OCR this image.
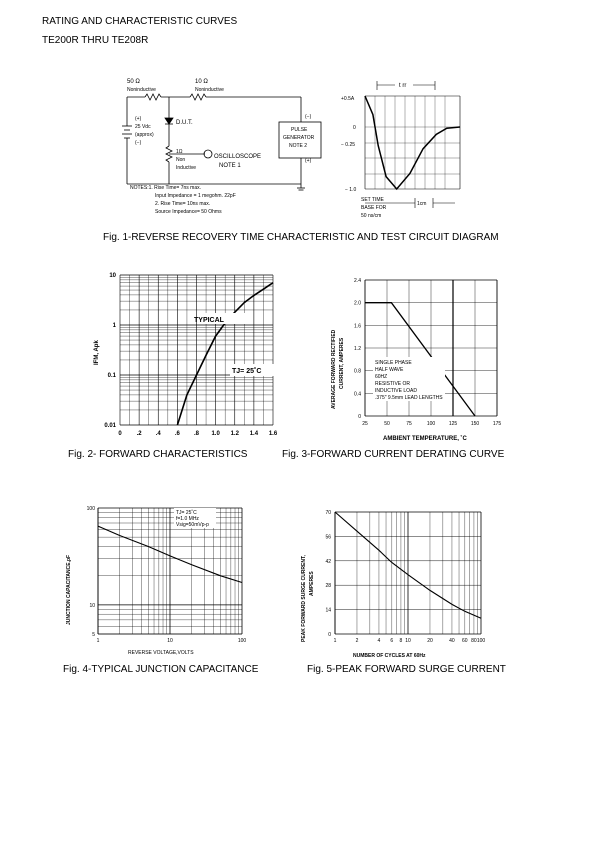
RATING AND CHARACTERISTIC CURVES
TE200R THRU TE208R
50 Ω
Noninductive
10 Ω
Noninductive
(+)
25 Vdc
(approx)
(−)
D.U.T.
1Ω
Non
Inductive
OSCILLOSCOPE
NOTE 1
(−)
PULSE
GENERATOR
NOTE 2
(+)
NOTES:1. Rise Time= 7ns max.
Input Impedance = 1 megohm. 22pF
2. Rise Time= 10ns max.
Source Impedance= 50 Ohms
t rr
+0.5A
0
− 0.25
− 1.0
SET TIME
BASE FOR
50 ns/cm
1cm
Fig. 1-REVERSE RECOVERY TIME CHARACTERISTIC AND TEST CIRCUIT DIAGRAM
TYPICAL
TJ= 25˚C
IFM, Apk
10
1
0.1
0.01
0 .2 .4 .6 .8 1.0 1.2 1.4 1.6
Fig. 2- FORWARD CHARACTERISTICS
SINGLE PHASE
HALF WAVE
60HZ
RESISTIVE OR
INDUCTIVE LOAD
.375" 9.5mm LEAD LENGTHS
AVERAGE FORWARD RECTIFIED CURRENT, AMPERES
AMBIENT TEMPERATURE, ˚C
2.4
2.0
1.6
1.2
0.8
0.4
0
25	50	75	100	125	150	175
Fig. 3-FORWARD CURRENT DERATING CURVE
TJ= 25˚C
f=1.0 MHz
Vsig=50mVp-p
JUNCTION CAPACITANCE,pF
REVERSE VOLTAGE,VOLTS
100
10
5
1	10	100
Fig. 4-TYPICAL JUNCTION CAPACITANCE
PEAK FORWARD SURGE CURRENT, AMPERES
NUMBER OF CYCLES AT 60Hz
70
56
42
28
14
0
1	2	4 6 8 10	20	40 60 80 100
Fig. 5-PEAK FORWARD SURGE CURRENT
